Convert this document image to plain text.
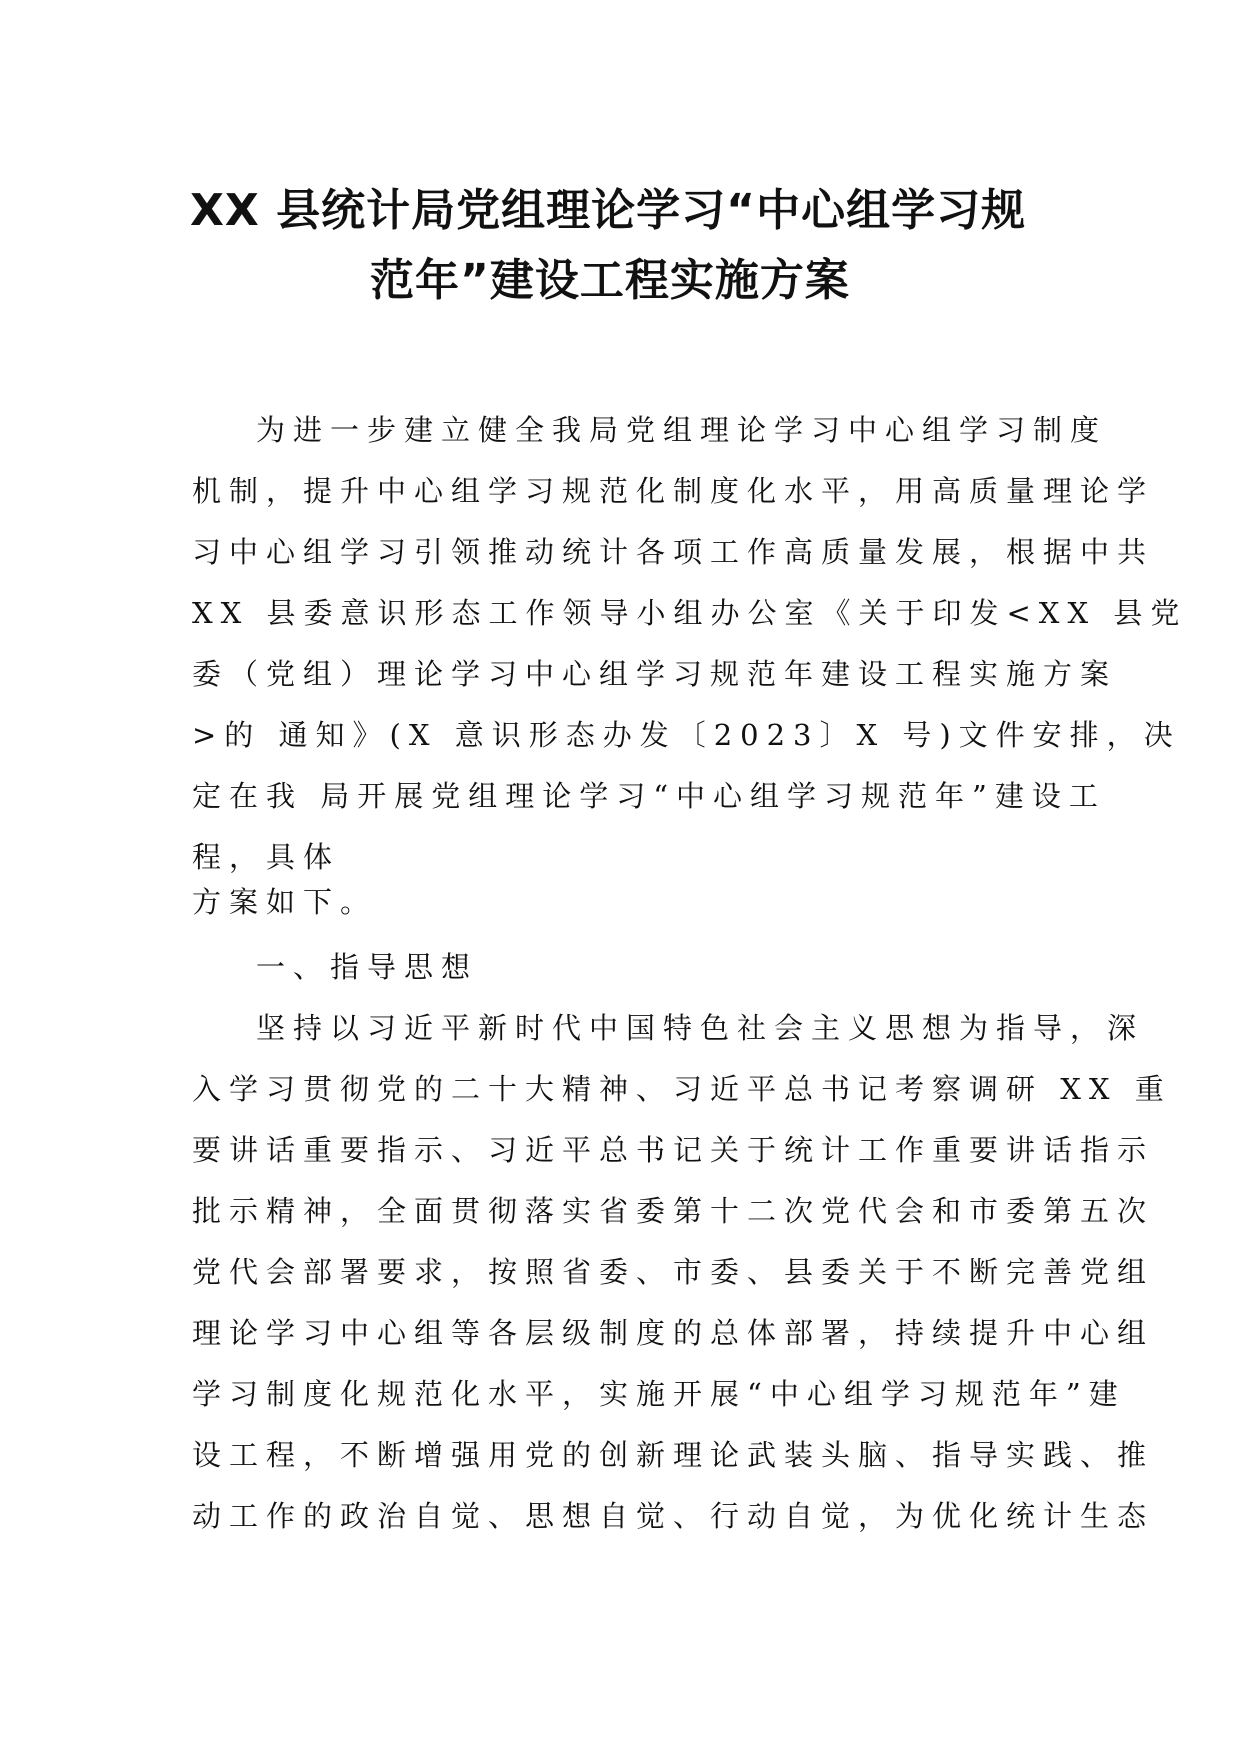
XX 县统计局党组理论学习“中心组学习规
范年”建设工程实施方案
为进一步建立健全我局党组理论学习中心组学习制度
机制，提升中心组学习规范化制度化水平，用高质量理论学
习中心组学习引领推动统计各项工作高质量发展，根据中共
XX 县委意识形态工作领导小组办公室《关于印发<XX 县党
委（党组）理论学习中心组学习规范年建设工程实施方案
>的 通知》(X 意识形态办发〔2023〕X 号)文件安排，决
定在我 局开展党组理论学习“中心组学习规范年”建设工
程，具体
方案如下。
一、指导思想
坚持以习近平新时代中国特色社会主义思想为指导，深
入学习贯彻党的二十大精神、习近平总书记考察调研 XX 重
要讲话重要指示、习近平总书记关于统计工作重要讲话指示
批示精神，全面贯彻落实省委第十二次党代会和市委第五次
党代会部署要求，按照省委、市委、县委关于不断完善党组
理论学习中心组等各层级制度的总体部署，持续提升中心组
学习制度化规范化水平，实施开展“中心组学习规范年”建
设工程，不断增强用党的创新理论武装头脑、指导实践、推
动工作的政治自觉、思想自觉、行动自觉，为优化统计生态
